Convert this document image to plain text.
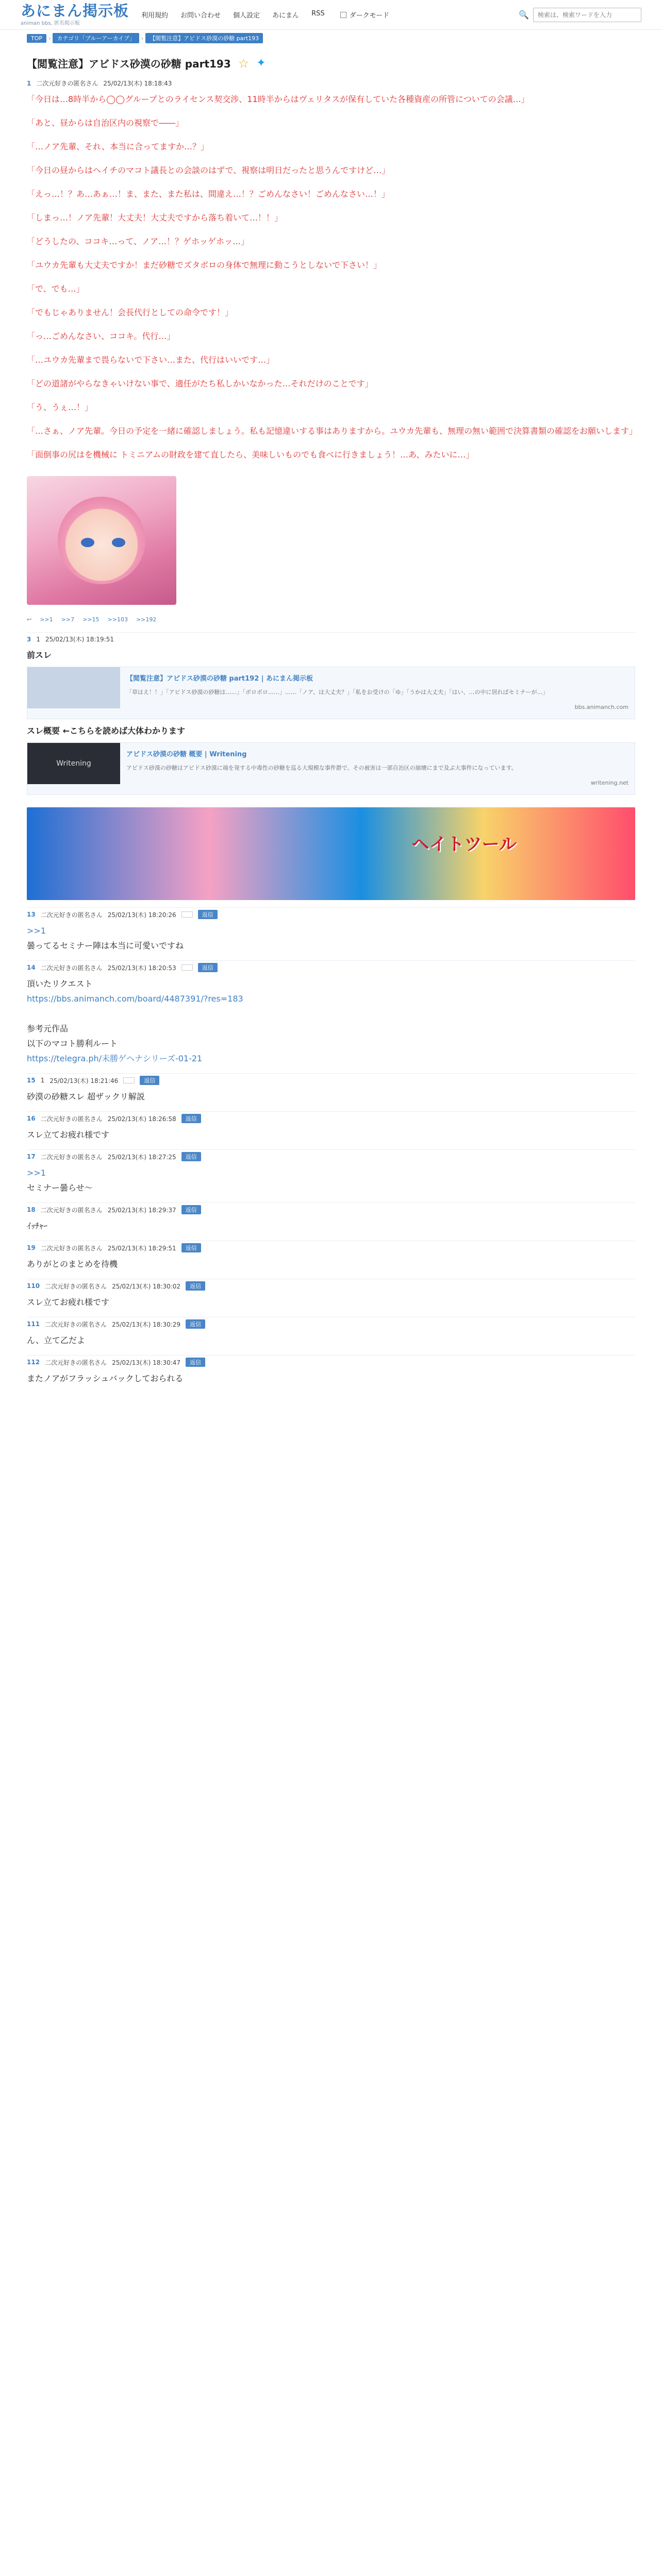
あにまん掲示板
animan bbs, 匿名掲示板
利用規約 お問い合わせ 個人設定 あにまん RSS	ダークモード	🔍
検索は、検索ワードを入力
TOP	›	カテゴリ「ブルーアーカイブ」	›	【閲覧注意】アビドス砂漠の砂糖 part193
【閲覧注意】アビドス砂漠の砂糖 part193 ☆ ✦
1 二次元好きの匿名さん 25/02/13(木) 18:18:43

「今日は…8時半から◯◯グループとのライセンス契交渉、11時半からはヴェリタスが保有していた各種資産の所管についての会議…」

「あと、昼からは自治区内の視察で――」

「…ノア先輩、それ、本当に合ってますか…？」

「今日の昼からはヘイチのマコト議長との会談のはずで、視察は明日だったと思うんですけど…」

「えっ…！？あ…あぁ…！ま、また、また私は、間違え…！？ごめんなさい！ごめんなさい…！」

「しまっ…！ノア先輩！大丈夫！大丈夫ですから落ち着いて…！！」

「どうしたの、ココキ…って、ノア…！？ゲホッゲホッ…」

「ユウカ先輩も大丈夫ですか！まだ砂糖でズタボロの身体で無理に動こうとしないで下さい！」

「で、でも…」

「でもじゃありません！会長代行としての命令です！」

「っ…ごめんなさい、ココキ。代行…」

「…ユウカ先輩まで畏らないで下さい…また、代行はいいです…」

「どの道諸がやらなきゃいけない事で、適任がたち私しかいなかった…それだけのことです」

「う、うぇ…！」

「…さぁ、ノア先輩。今日の予定を一緒に確認しましょう。私も記憶違いする事はありますから。ユウカ先輩も、無理の無い範囲で決算書類の確認をお願いします」

「面倒事の尻はを機械に トミニアムの財政を建て直したら、美味しいものでも食べに行きましょう！…あ、みたいに…」

↩ >>1 >>7 >>15 >>103 >>192
3 1 25/02/13(木) 18:19:51

前スレ

【閲覧注意】アビドス砂漠の砂糖 part192 | あにまん掲示板
「草はえ！！」「アビドス砂漠の砂糖は……」「ボロボロ……」……「ノア、は大丈夫？」「私をお受けの「ゆ」「うかは大丈夫」「はい、…の中に居ればセミナーが…」
bbs.animanch.com

スレ概要 ←こちらを読めば大体わかります

Writening
アビドス砂漠の砂糖 概要 | Writening
アビドス砂漠の砂糖はアビドス砂漠に端を発する中毒性の砂糖を巡る大規模な事件群で、その被害は一部自治区の崩壊にまで及ぶ大事件になっています。
writening.net
ヘイトツール
13 二次元好きの匿名さん 25/02/13(木) 18:20:26	返信

>>1

曇ってるセミナー陣は本当に可愛いですね

14 二次元好きの匿名さん 25/02/13(木) 18:20:53	返信

頂いたリクエスト

https://bbs.animanch.com/board/4487391/?res=183

参考元作品

以下のマコト勝利ルート

https://telegra.ph/未勝ゲヘナシリーズ-01-21

15 1 25/02/13(木) 18:21:46	返信

砂漠の砂糖スレ 超ザックリ解説

16 二次元好きの匿名さん 25/02/13(木) 18:26:58	返信

スレ立てお疲れ様です

17 二次元好きの匿名さん 25/02/13(木) 18:27:25	返信

>>1

セミナー曇らせ〜

18 二次元好きの匿名さん 25/02/13(木) 18:29:37	返信

ｲｯﾁｬｰ

19 二次元好きの匿名さん 25/02/13(木) 18:29:51	返信

ありがとのまとめを待機

110 二次元好きの匿名さん 25/02/13(木) 18:30:02	返信

スレ立てお疲れ様です

111 二次元好きの匿名さん 25/02/13(木) 18:30:29	返信

ん、立て乙だよ

112 二次元好きの匿名さん 25/02/13(木) 18:30:47	返信

またノアがフラッシュバックしておられる
